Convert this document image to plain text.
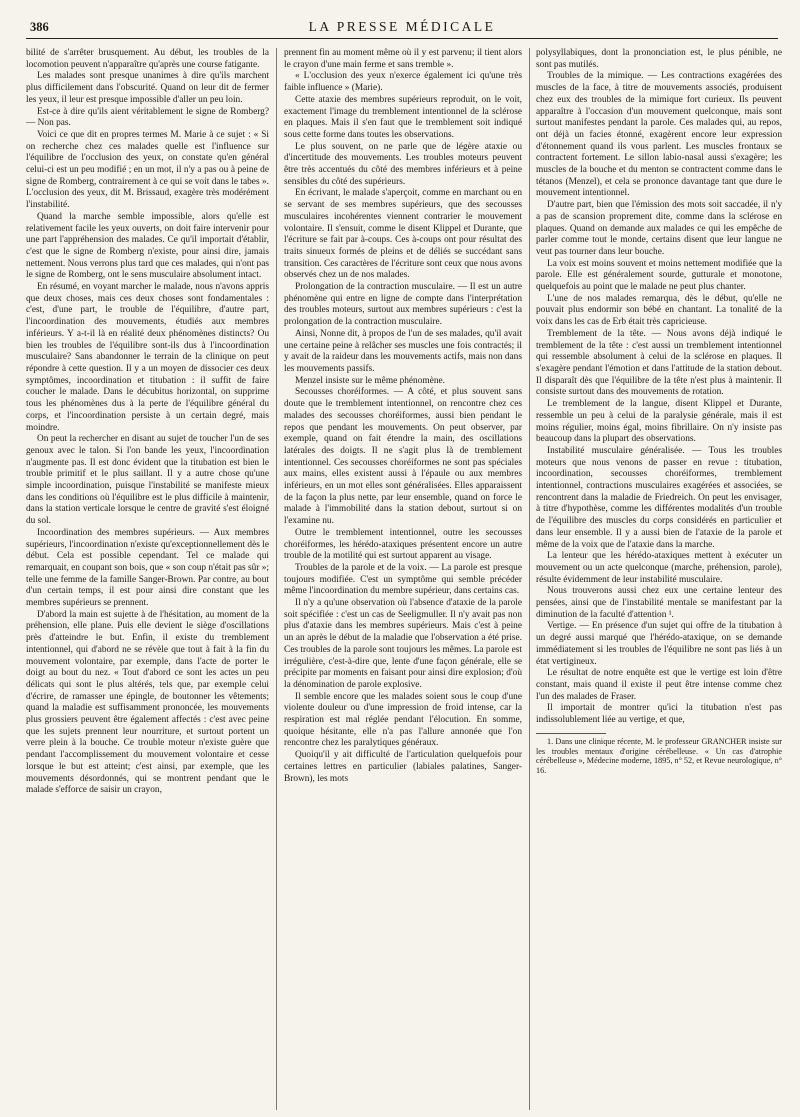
386	LA PRESSE MÉDICALE

bilité de s'arrêter brusquement. Au début, les troubles de la locomotion peuvent n'apparaître qu'après une course fatigante.

Les malades sont presque unanimes à dire qu'ils marchent plus difficilement dans l'obscurité. Quand on leur dit de fermer les yeux, il leur est presque impossible d'aller un peu loin.

Est-ce à dire qu'ils aient véritablement le signe de Romberg? — Non pas.

Voici ce que dit en propres termes M. Marie à ce sujet : « Si on recherche chez ces malades quelle est l'influence sur l'équilibre de l'occlusion des yeux, on constate qu'en général celui-ci est un peu modifié ; en un mot, il n'y a pas ou à peine de signe de Romberg, contrairement à ce qui se voit dans le tabes ». L'occlusion des yeux, dit M. Brissaud, exagère très modérément l'instabilité.

Quand la marche semble impossible, alors qu'elle est relativement facile les yeux ouverts, on doit faire intervenir pour une part l'appréhension des malades. Ce qu'il importait d'établir, c'est que le signe de Romberg n'existe, pour ainsi dire, jamais nettement. Nous verrons plus tard que ces malades, qui n'ont pas le signe de Romberg, ont le sens musculaire absolument intact.

En résumé, en voyant marcher le malade, nous n'avons appris que deux choses, mais ces deux choses sont fondamentales : c'est, d'une part, le trouble de l'équilibre, d'autre part, l'incoordination des mouvements, étudiés aux membres inférieurs. Y a-t-il là en réalité deux phénomènes distincts? Ou bien les troubles de l'équilibre sont-ils dus à l'incoordination musculaire? Sans abandonner le terrain de la clinique on peut répondre à cette question. Il y a un moyen de dissocier ces deux symptômes, incoordination et titubation : il suffit de faire coucher le malade. Dans le décubitus horizontal, on supprime tous les phénomènes dus à la perte de l'équilibre général du corps, et l'incoordination persiste à un certain degré, mais moindre.

On peut la rechercher en disant au sujet de toucher l'un de ses genoux avec le talon. Si l'on bande les yeux, l'incoordination n'augmente pas. Il est donc évident que la titubation est bien le trouble primitif et le plus saillant. Il y a autre chose qu'une simple incoordination, puisque l'instabilité se manifeste mieux dans les conditions où l'équilibre est le plus difficile à maintenir, dans la station verticale lorsque le centre de gravité s'est éloigné du sol.

Incoordination des membres supérieurs. — Aux membres supérieurs, l'incoordination n'existe qu'exceptionnellement dès le début. Cela est possible cependant. Tel ce malade qui remarquait, en coupant son bois, que « son coup n'était pas sûr »; telle une femme de la famille Sanger-Brown. Par contre, au bout d'un certain temps, il est pour ainsi dire constant que les membres supérieurs se prennent.

D'abord la main est sujette à de l'hésitation, au moment de la préhension, elle plane. Puis elle devient le siège d'oscillations près d'atteindre le but. Enfin, il existe du tremblement intentionnel, qui d'abord ne se révèle que tout à fait à la fin du mouvement volontaire, par exemple, dans l'acte de porter le doigt au bout du nez. « Tout d'abord ce sont les actes un peu délicats qui sont le plus altérés, tels que, par exemple celui d'écrire, de ramasser une épingle, de boutonner les vêtements; quand la maladie est suffisamment prononcée, les mouvements plus grossiers peuvent être également affectés : c'est avec peine que les sujets prennent leur nourriture, et surtout portent un verre plein à la bouche. Ce trouble moteur n'existe guère que pendant l'accomplissement du mouvement volontaire et cesse lorsque le but est atteint; c'est ainsi, par exemple, que les mouvements désordonnés, qui se montrent pendant que le malade s'efforce de saisir un crayon,

prennent fin au moment même où il y est parvenu; il tient alors le crayon d'une main ferme et sans tremble ».

« L'occlusion des yeux n'exerce également ici qu'une très faible influence » (Marie).

Cette ataxie des membres supérieurs reproduit, on le voit, exactement l'image du tremblement intentionnel de la sclérose en plaques. Mais il s'en faut que le tremblement soit indiqué sous cette forme dans toutes les observations.

Le plus souvent, on ne parle que de légère ataxie ou d'incertitude des mouvements. Les troubles moteurs peuvent être très accentués du côté des membres inférieurs et à peine sensibles du côté des supérieurs.

En écrivant, le malade s'aperçoit, comme en marchant ou en se servant de ses membres supérieurs, que des secousses musculaires incohérentes viennent contrarier le mouvement volontaire. Il s'ensuit, comme le disent Klippel et Durante, que l'écriture se fait par à-coups. Ces à-coups ont pour résultat des traits sinueux formés de pleins et de déliés se succédant sans transition. Ces caractères de l'écriture sont ceux que nous avons observés chez un de nos malades.

Prolongation de la contraction musculaire. — Il est un autre phénomène qui entre en ligne de compte dans l'interprétation des troubles moteurs, surtout aux membres supérieurs : c'est la prolongation de la contraction musculaire.

Ainsi, Nonne dit, à propos de l'un de ses malades, qu'il avait une certaine peine à relâcher ses muscles une fois contractés; il y avait de la raideur dans les mouvements actifs, mais non dans les mouvements passifs.

Menzel insiste sur le même phénomène.

Secousses choréiformes. — A côté, et plus souvent sans doute que le tremblement intentionnel, on rencontre chez ces malades des secousses choréiformes, aussi bien pendant le repos que pendant les mouvements. On peut observer, par exemple, quand on fait étendre la main, des oscillations latérales des doigts. Il ne s'agit plus là de tremblement intentionnel. Ces secousses choréiformes ne sont pas spéciales aux mains, elles existent aussi à l'épaule ou aux membres inférieurs, en un mot elles sont généralisées. Elles apparaissent de la façon la plus nette, par leur ensemble, quand on force le malade à l'immobilité dans la station debout, surtout si on l'examine nu.

Outre le tremblement intentionnel, outre les secousses choréiformes, les hérédo-ataxiques présentent encore un autre trouble de la motilité qui est surtout apparent au visage.

Troubles de la parole et de la voix. — La parole est presque toujours modifiée. C'est un symptôme qui semble précéder même l'incoordination du membre supérieur, dans certains cas.

Il n'y a qu'une observation où l'absence d'ataxie de la parole soit spécifiée : c'est un cas de Seeligmuller. Il n'y avait pas non plus d'ataxie dans les membres supérieurs. Mais c'est à peine un an après le début de la maladie que l'observation a été prise. Ces troubles de la parole sont toujours les mêmes. La parole est irrégulière, c'est-à-dire que, lente d'une façon générale, elle se précipite par moments en faisant pour ainsi dire explosion; d'où la dénomination de parole explosive.

Il semble encore que les malades soient sous le coup d'une violente douleur ou d'une impression de froid intense, car la respiration est mal réglée pendant l'élocution. En somme, quoique hésitante, elle n'a pas l'allure annonée que l'on rencontre chez les paralytiques généraux.

Quoiqu'il y ait difficulté de l'articulation quelquefois pour certaines lettres en particulier (labiales palatines, Sanger-Brown), les mots

polysyllabiques, dont la prononciation est, le plus pénible, ne sont pas mutilés.

Troubles de la mimique. — Les contractions exagérées des muscles de la face, à titre de mouvements associés, produisent chez eux des troubles de la mimique fort curieux. Ils peuvent apparaître à l'occasion d'un mouvement quelconque, mais sont surtout manifestes pendant la parole. Ces malades qui, au repos, ont déjà un facies étonné, exagèrent encore leur expression d'étonnement quand ils vous parlent. Les muscles frontaux se contractent fortement. Le sillon labio-nasal aussi s'exagère; les muscles de la bouche et du menton se contractent comme dans le tétanos (Menzel), et cela se prononce davantage tant que dure le mouvement intentionnel.

D'autre part, bien que l'émission des mots soit saccadée, il n'y a pas de scansion proprement dite, comme dans la sclérose en plaques. Quand on demande aux malades ce qui les empêche de parler comme tout le monde, certains disent que leur langue ne veut pas tourner dans leur bouche.

La voix est moins souvent et moins nettement modifiée que la parole. Elle est généralement sourde, gutturale et monotone, quelquefois au point que le malade ne peut plus chanter.

L'une de nos malades remarqua, dès le début, qu'elle ne pouvait plus endormir son bébé en chantant. La tonalité de la voix dans les cas de Erb était très capricieuse.

Tremblement de la tête. — Nous avons déjà indiqué le tremblement de la tête : c'est aussi un tremblement intentionnel qui ressemble absolument à celui de la sclérose en plaques. Il s'exagère pendant l'émotion et dans l'attitude de la station debout. Il disparaît dès que l'équilibre de la tête n'est plus à maintenir. Il consiste surtout dans des mouvements de rotation.

Le tremblement de la langue, disent Klippel et Durante, ressemble un peu à celui de la paralysie générale, mais il est moins régulier, moins égal, moins fibrillaire. On n'y insiste pas beaucoup dans la plupart des observations.

Instabilité musculaire généralisée. — Tous les troubles moteurs que nous venons de passer en revue : titubation, incoordination, secousses choréiformes, tremblement intentionnel, contractions musculaires exagérées et associées, se rencontrent dans la maladie de Friedreich. On peut les envisager, à titre d'hypothèse, comme les différentes modalités d'un trouble de l'équilibre des muscles du corps considérés en particulier et dans leur ensemble. Il y a aussi bien de l'ataxie de la parole et même de la voix que de l'ataxie dans la marche.

La lenteur que les hérédo-ataxiques mettent à exécuter un mouvement ou un acte quelconque (marche, préhension, parole), résulte évidemment de leur instabilité musculaire.

Nous trouverons aussi chez eux une certaine lenteur des pensées, ainsi que de l'instabilité mentale se manifestant par la diminution de la faculté d'attention ¹.

Vertige. — En présence d'un sujet qui offre de la titubation à un degré aussi marqué que l'hérédo-ataxique, on se demande immédiatement si les troubles de l'équilibre ne sont pas liés à un état vertigineux.

Le résultat de notre enquête est que le vertige est loin d'être constant, mais quand il existe il peut être intense comme chez l'un des malades de Fraser.

Il importait de montrer qu'ici la titubation n'est pas indissolublement liée au vertige, et que,

1. Dans une clinique récente, M. le professeur GRANCHER insiste sur les troubles mentaux d'origine cérébelleuse. « Un cas d'atrophie cérébelleuse », Médecine moderne, 1895, n° 52, et Revue neurologique, n° 16.
